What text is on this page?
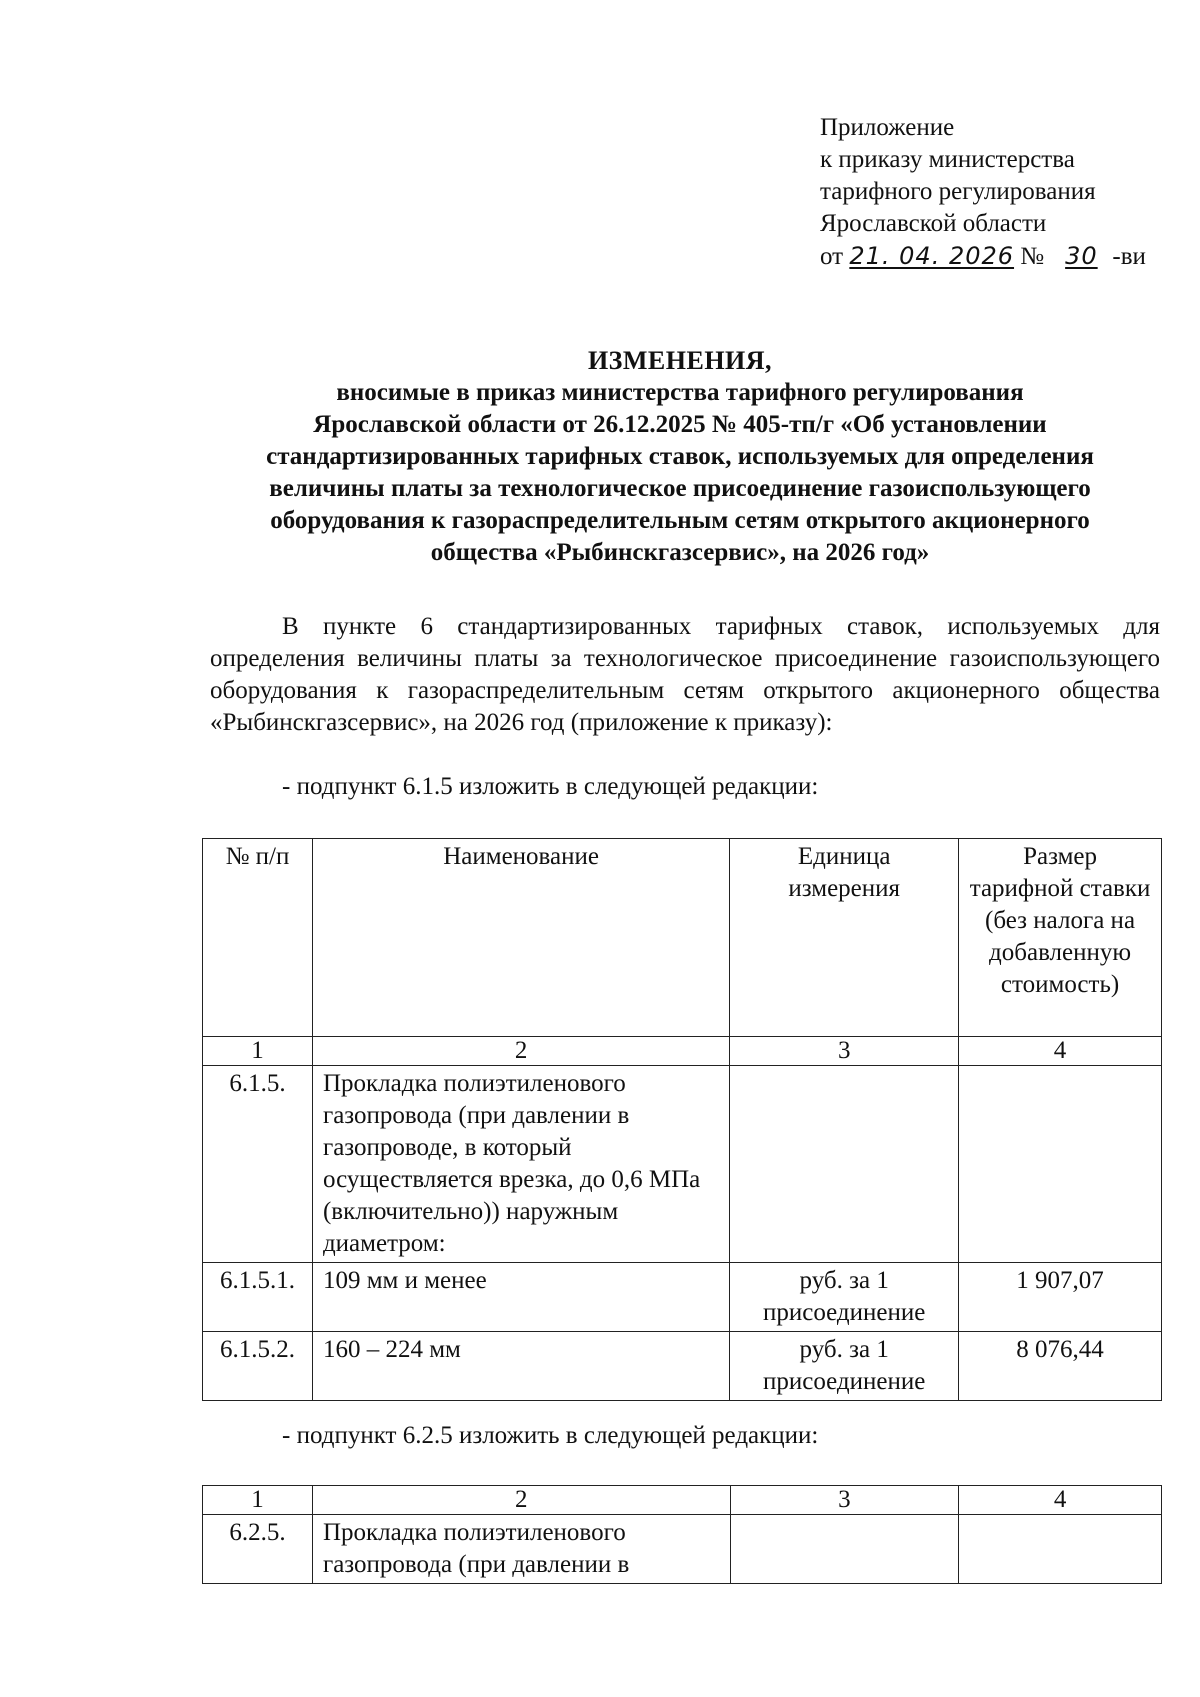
Приложение
к приказу министерства
тарифного регулирования
Ярославской области
от 21. 04. 2026 № 30 -ви
ИЗМЕНЕНИЯ,
вносимые в приказ министерства тарифного регулирования
Ярославской области от 26.12.2025 № 405-тп/г «Об установлении
стандартизированных тарифных ставок, используемых для определения
величины платы за технологическое присоединение газоиспользующего
оборудования к газораспределительным сетям открытого акционерного
общества «Рыбинскгазсервис», на 2026 год»

В пункте 6 стандартизированных тарифных ставок, используемых для определения величины платы за технологическое присоединение газоиспользующего оборудования к газораспределительным сетям открытого акционерного общества «Рыбинскгазсервис», на 2026 год (приложение к приказу):

- подпункт 6.1.5 изложить в следующей редакции:
№ п/п	Наименование	Единица измерения	Размер тарифной ставки (без налога на добавленную стоимость)
1	2	3	4
6.1.5.	Прокладка полиэтиленового газопровода (при давлении в газопроводе, в который осуществляется врезка, до 0,6 МПа (включительно)) наружным диаметром:		
6.1.5.1.	109 мм и менее	руб. за 1 присоединение	1 907,07
6.1.5.2.	160 – 224 мм	руб. за 1 присоединение	8 076,44
- подпункт 6.2.5 изложить в следующей редакции:
1	2	3	4
6.2.5.	Прокладка полиэтиленового газопровода (при давлении в		
